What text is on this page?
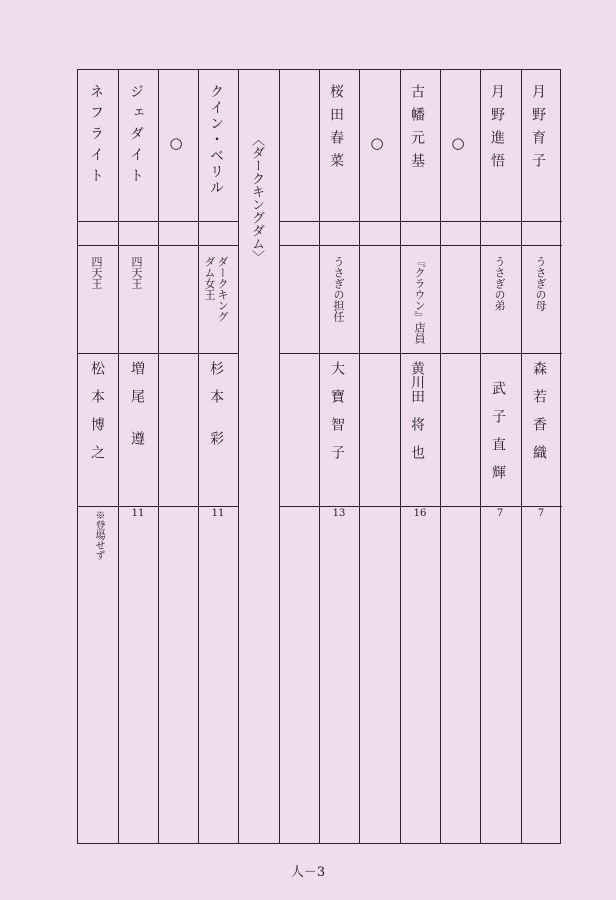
月野育子
うさぎの母
森　若　香　織
7
月野進悟
うさぎの弟
武　子　直　輝
7
○
古幡元基
『クラウン』店員
黄川田　将　也
16
○
桜田春菜
うさぎの担任
大　寶　智　子
13
〈ダークキングダム〉
クイン・ベリル
ダークキング
ダム女王
杉　本　　彩
11
○
ジェダイト
四天王
増　尾　　遵
11
ネフライト
四天王
松　本　博　之
※登場せず
人－3
